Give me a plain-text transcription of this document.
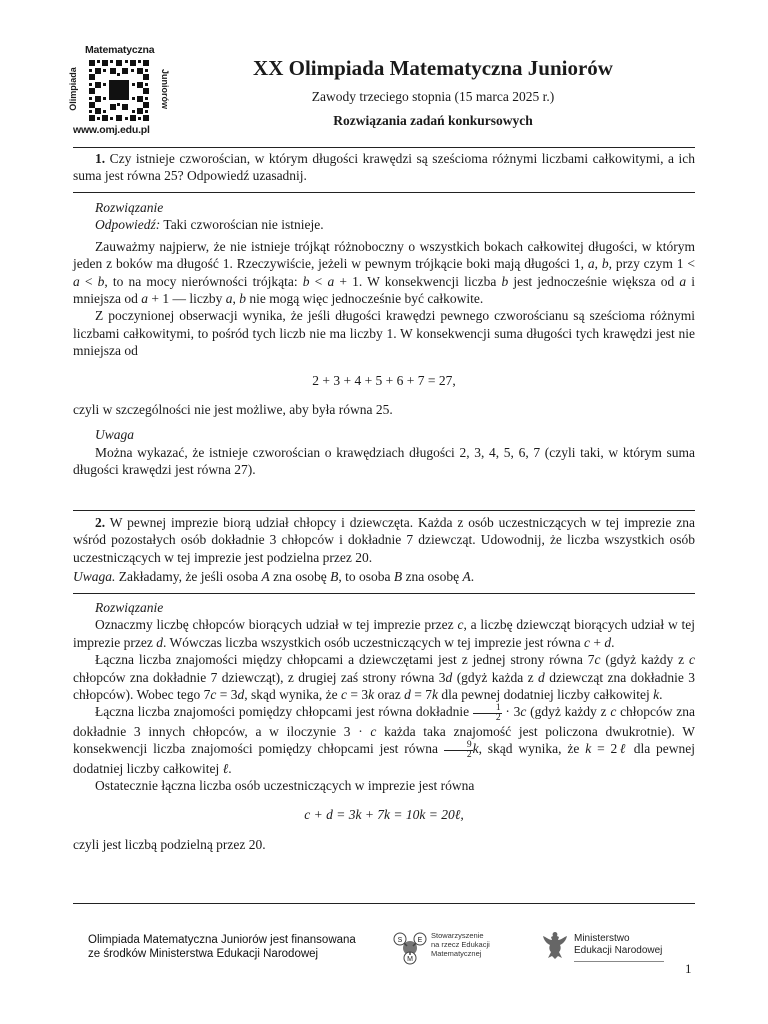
Matematyczna
Olimpiada	Juniorów
www.omj.edu.pl
XX Olimpiada Matematyczna Juniorów
Zawody trzeciego stopnia (15 marca 2025 r.)
Rozwiązania zadań konkursowych

1. Czy istnieje czworościan, w którym długości krawędzi są sześcioma różnymi liczbami całkowitymi, a ich suma jest równa 25? Odpowiedź uzasadnij.

Rozwiązanie

Odpowiedź: Taki czworościan nie istnieje.

Zauważmy najpierw, że nie istnieje trójkąt różnoboczny o wszystkich bokach całkowitej długości, w którym jeden z boków ma długość 1. Rzeczywiście, jeżeli w pewnym trójkącie boki mają długości 1, a, b, przy czym 1 < a < b, to na mocy nierówności trójkąta: b < a + 1. W konsekwencji liczba b jest jednocześnie większa od a i mniejsza od a + 1 — liczby a, b nie mogą więc jednocześnie być całkowite.

Z poczynionej obserwacji wynika, że jeśli długości krawędzi pewnego czworościanu są sześcioma różnymi liczbami całkowitymi, to pośród tych liczb nie ma liczby 1. W konsekwencji suma długości tych krawędzi jest nie mniejsza od

2 + 3 + 4 + 5 + 6 + 7 = 27,

czyli w szczególności nie jest możliwe, aby była równa 25.

Uwaga

Można wykazać, że istnieje czworościan o krawędziach długości 2, 3, 4, 5, 6, 7 (czyli taki, w którym suma długości krawędzi jest równa 27).

2. W pewnej imprezie biorą udział chłopcy i dziewczęta. Każda z osób uczestniczących w tej imprezie zna wśród pozostałych osób dokładnie 3 chłopców i dokładnie 7 dziewcząt. Udowodnij, że liczba wszystkich osób uczestniczących w tej imprezie jest podzielna przez 20.

Uwaga. Zakładamy, że jeśli osoba A zna osobę B, to osoba B zna osobę A.

Rozwiązanie

Oznaczmy liczbę chłopców biorących udział w tej imprezie przez c, a liczbę dziewcząt biorących udział w tej imprezie przez d. Wówczas liczba wszystkich osób uczestniczących w tej imprezie jest równa c + d.

Łączna liczba znajomości między chłopcami a dziewczętami jest z jednej strony równa 7c (gdyż każdy z c chłopców zna dokładnie 7 dziewcząt), z drugiej zaś strony równa 3d (gdyż każda z d dziewcząt zna dokładnie 3 chłopców). Wobec tego 7c = 3d, skąd wynika, że c = 3k oraz d = 7k dla pewnej dodatniej liczby całkowitej k.

Łączna liczba znajomości pomiędzy chłopcami jest równa dokładnie $\frac{1}{2} \cdot 3c$ (gdyż każdy z c chłopców zna dokładnie 3 innych chłopców, a w iloczynie 3 · c każda taka znajomość jest policzona dwukrotnie). W konsekwencji liczba znajomości pomiędzy chłopcami jest równa $\frac{9}{2} k$, skąd wynika, że k = 2ℓ dla pewnej dodatniej liczby całkowitej ℓ.

Ostatecznie łączna liczba osób uczestniczących w imprezie jest równa

c + d = 3k + 7k = 10k = 20ℓ,

czyli jest liczbą podzielną przez 20.

Olimpiada Matematyczna Juniorów jest finansowana
ze środków Ministerstwa Edukacji Narodowej
S E
M
Stowarzyszenie
na rzecz Edukacji
Matematycznej
Ministerstwo
Edukacji Narodowej
1
